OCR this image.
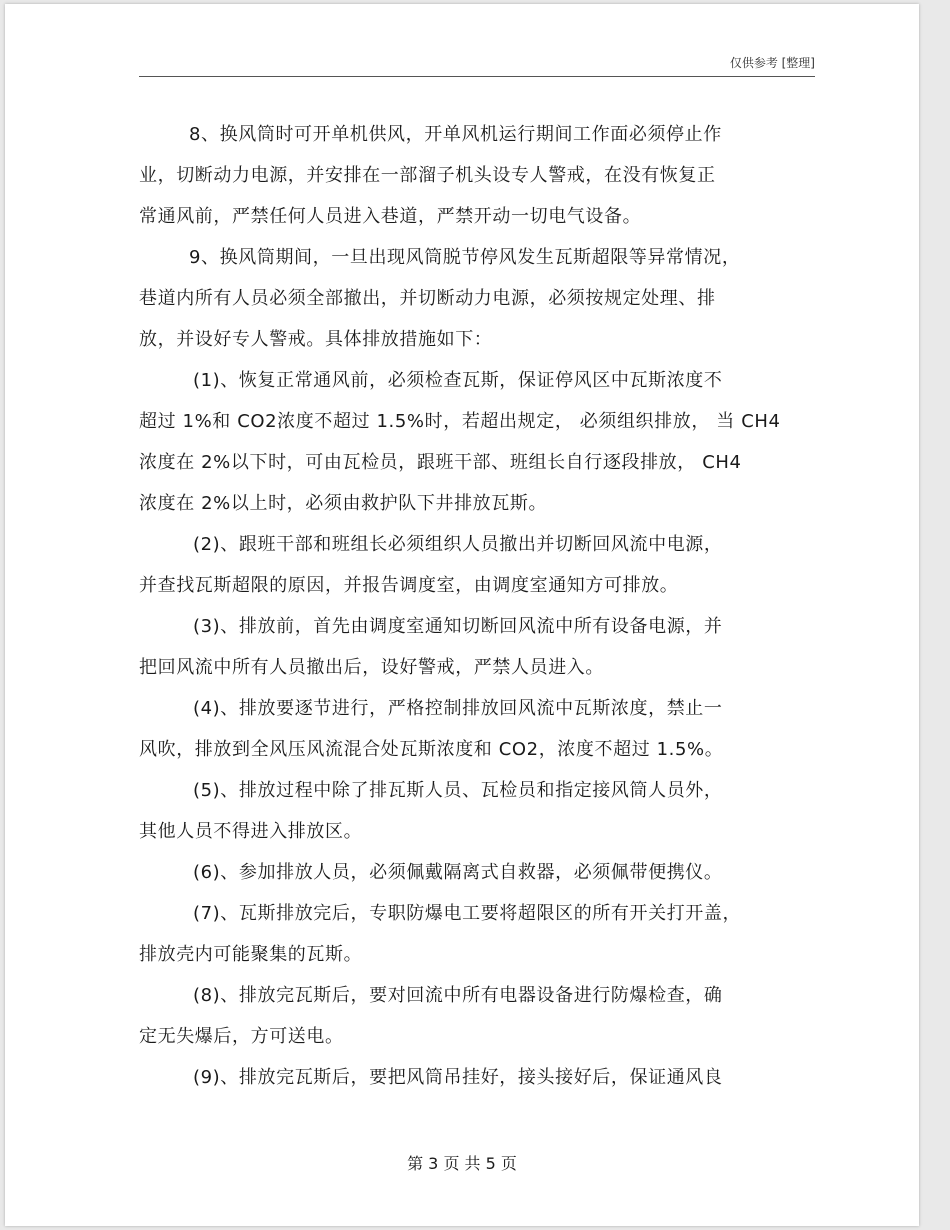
仅供参考 [整理]

8、换风筒时可开单机供风，开单风机运行期间工作面必须停止作
业，切断动力电源，并安排在一部溜子机头设专人警戒，在没有恢复正
常通风前，严禁任何人员进入巷道，严禁开动一切电气设备。

9、换风筒期间，一旦出现风筒脱节停风发生瓦斯超限等异常情况，
巷道内所有人员必须全部撤出，并切断动力电源，必须按规定处理、排
放，并设好专人警戒。具体排放措施如下：

(1)、恢复正常通风前，必须检查瓦斯，保证停风区中瓦斯浓度不
超过 1%和 CO2浓度不超过 1.5%时，若超出规定， 必须组织排放， 当 CH4
浓度在 2%以下时，可由瓦检员，跟班干部、班组长自行逐段排放， CH4
浓度在 2%以上时，必须由救护队下井排放瓦斯。

(2)、跟班干部和班组长必须组织人员撤出并切断回风流中电源，
并查找瓦斯超限的原因，并报告调度室，由调度室通知方可排放。

(3)、排放前，首先由调度室通知切断回风流中所有设备电源，并
把回风流中所有人员撤出后，设好警戒，严禁人员进入。

(4)、排放要逐节进行，严格控制排放回风流中瓦斯浓度，禁止一
风吹，排放到全风压风流混合处瓦斯浓度和 CO2，浓度不超过 1.5%。

(5)、排放过程中除了排瓦斯人员、瓦检员和指定接风筒人员外，
其他人员不得进入排放区。

(6)、参加排放人员，必须佩戴隔离式自救器，必须佩带便携仪。

(7)、瓦斯排放完后，专职防爆电工要将超限区的所有开关打开盖，
排放壳内可能聚集的瓦斯。

(8)、排放完瓦斯后，要对回流中所有电器设备进行防爆检查，确
定无失爆后，方可送电。

(9)、排放完瓦斯后，要把风筒吊挂好，接头接好后，保证通风良

第 3 页 共 5 页
